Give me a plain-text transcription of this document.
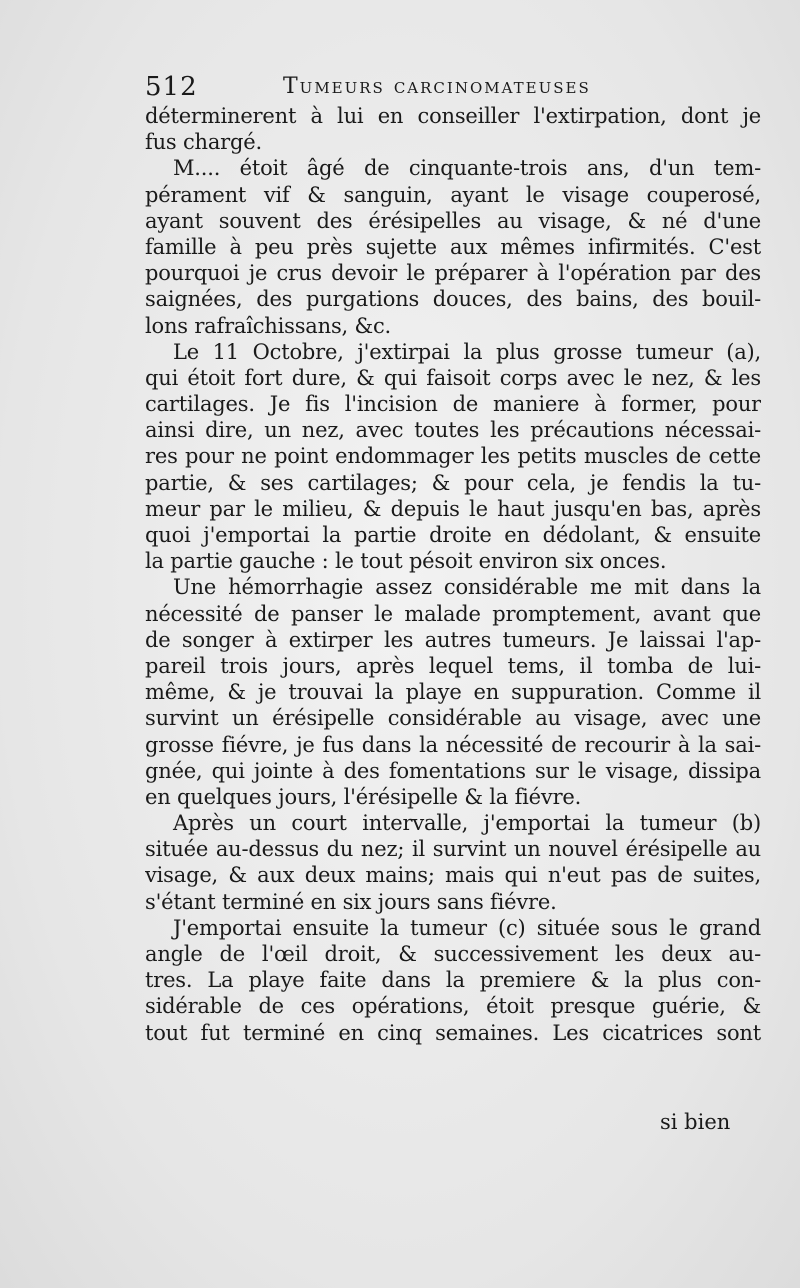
512	Tumeurs carcinomateuses
déterminerent à lui en conseiller l'extirpation, dont je
fus chargé.
M.... étoit âgé de cinquante-trois ans, d'un tem-
pérament vif & sanguin, ayant le visage couperosé,
ayant souvent des érésipelles au visage, & né d'une
famille à peu près sujette aux mêmes infirmités. C'est
pourquoi je crus devoir le préparer à l'opération par des
saignées, des purgations douces, des bains, des bouil-
lons rafraîchissans, &c.
Le 11 Octobre, j'extirpai la plus grosse tumeur (a),
qui étoit fort dure, & qui faisoit corps avec le nez, & les
cartilages. Je fis l'incision de maniere à former, pour
ainsi dire, un nez, avec toutes les précautions nécessai-
res pour ne point endommager les petits muscles de cette
partie, & ses cartilages; & pour cela, je fendis la tu-
meur par le milieu, & depuis le haut jusqu'en bas, après
quoi j'emportai la partie droite en dédolant, & ensuite
la partie gauche : le tout pésoit environ six onces.
Une hémorrhagie assez considérable me mit dans la
nécessité de panser le malade promptement, avant que
de songer à extirper les autres tumeurs. Je laissai l'ap-
pareil trois jours, après lequel tems, il tomba de lui-
même, & je trouvai la playe en suppuration. Comme il
survint un érésipelle considérable au visage, avec une
grosse fiévre, je fus dans la nécessité de recourir à la sai-
gnée, qui jointe à des fomentations sur le visage, dissipa
en quelques jours, l'érésipelle & la fiévre.
Après un court intervalle, j'emportai la tumeur (b)
située au-dessus du nez; il survint un nouvel érésipelle au
visage, & aux deux mains; mais qui n'eut pas de suites,
s'étant terminé en six jours sans fiévre.
J'emportai ensuite la tumeur (c) située sous le grand
angle de l'œil droit, & successivement les deux au-
tres. La playe faite dans la premiere & la plus con-
sidérable de ces opérations, étoit presque guérie, &
tout fut terminé en cinq semaines. Les cicatrices sont
si bien
